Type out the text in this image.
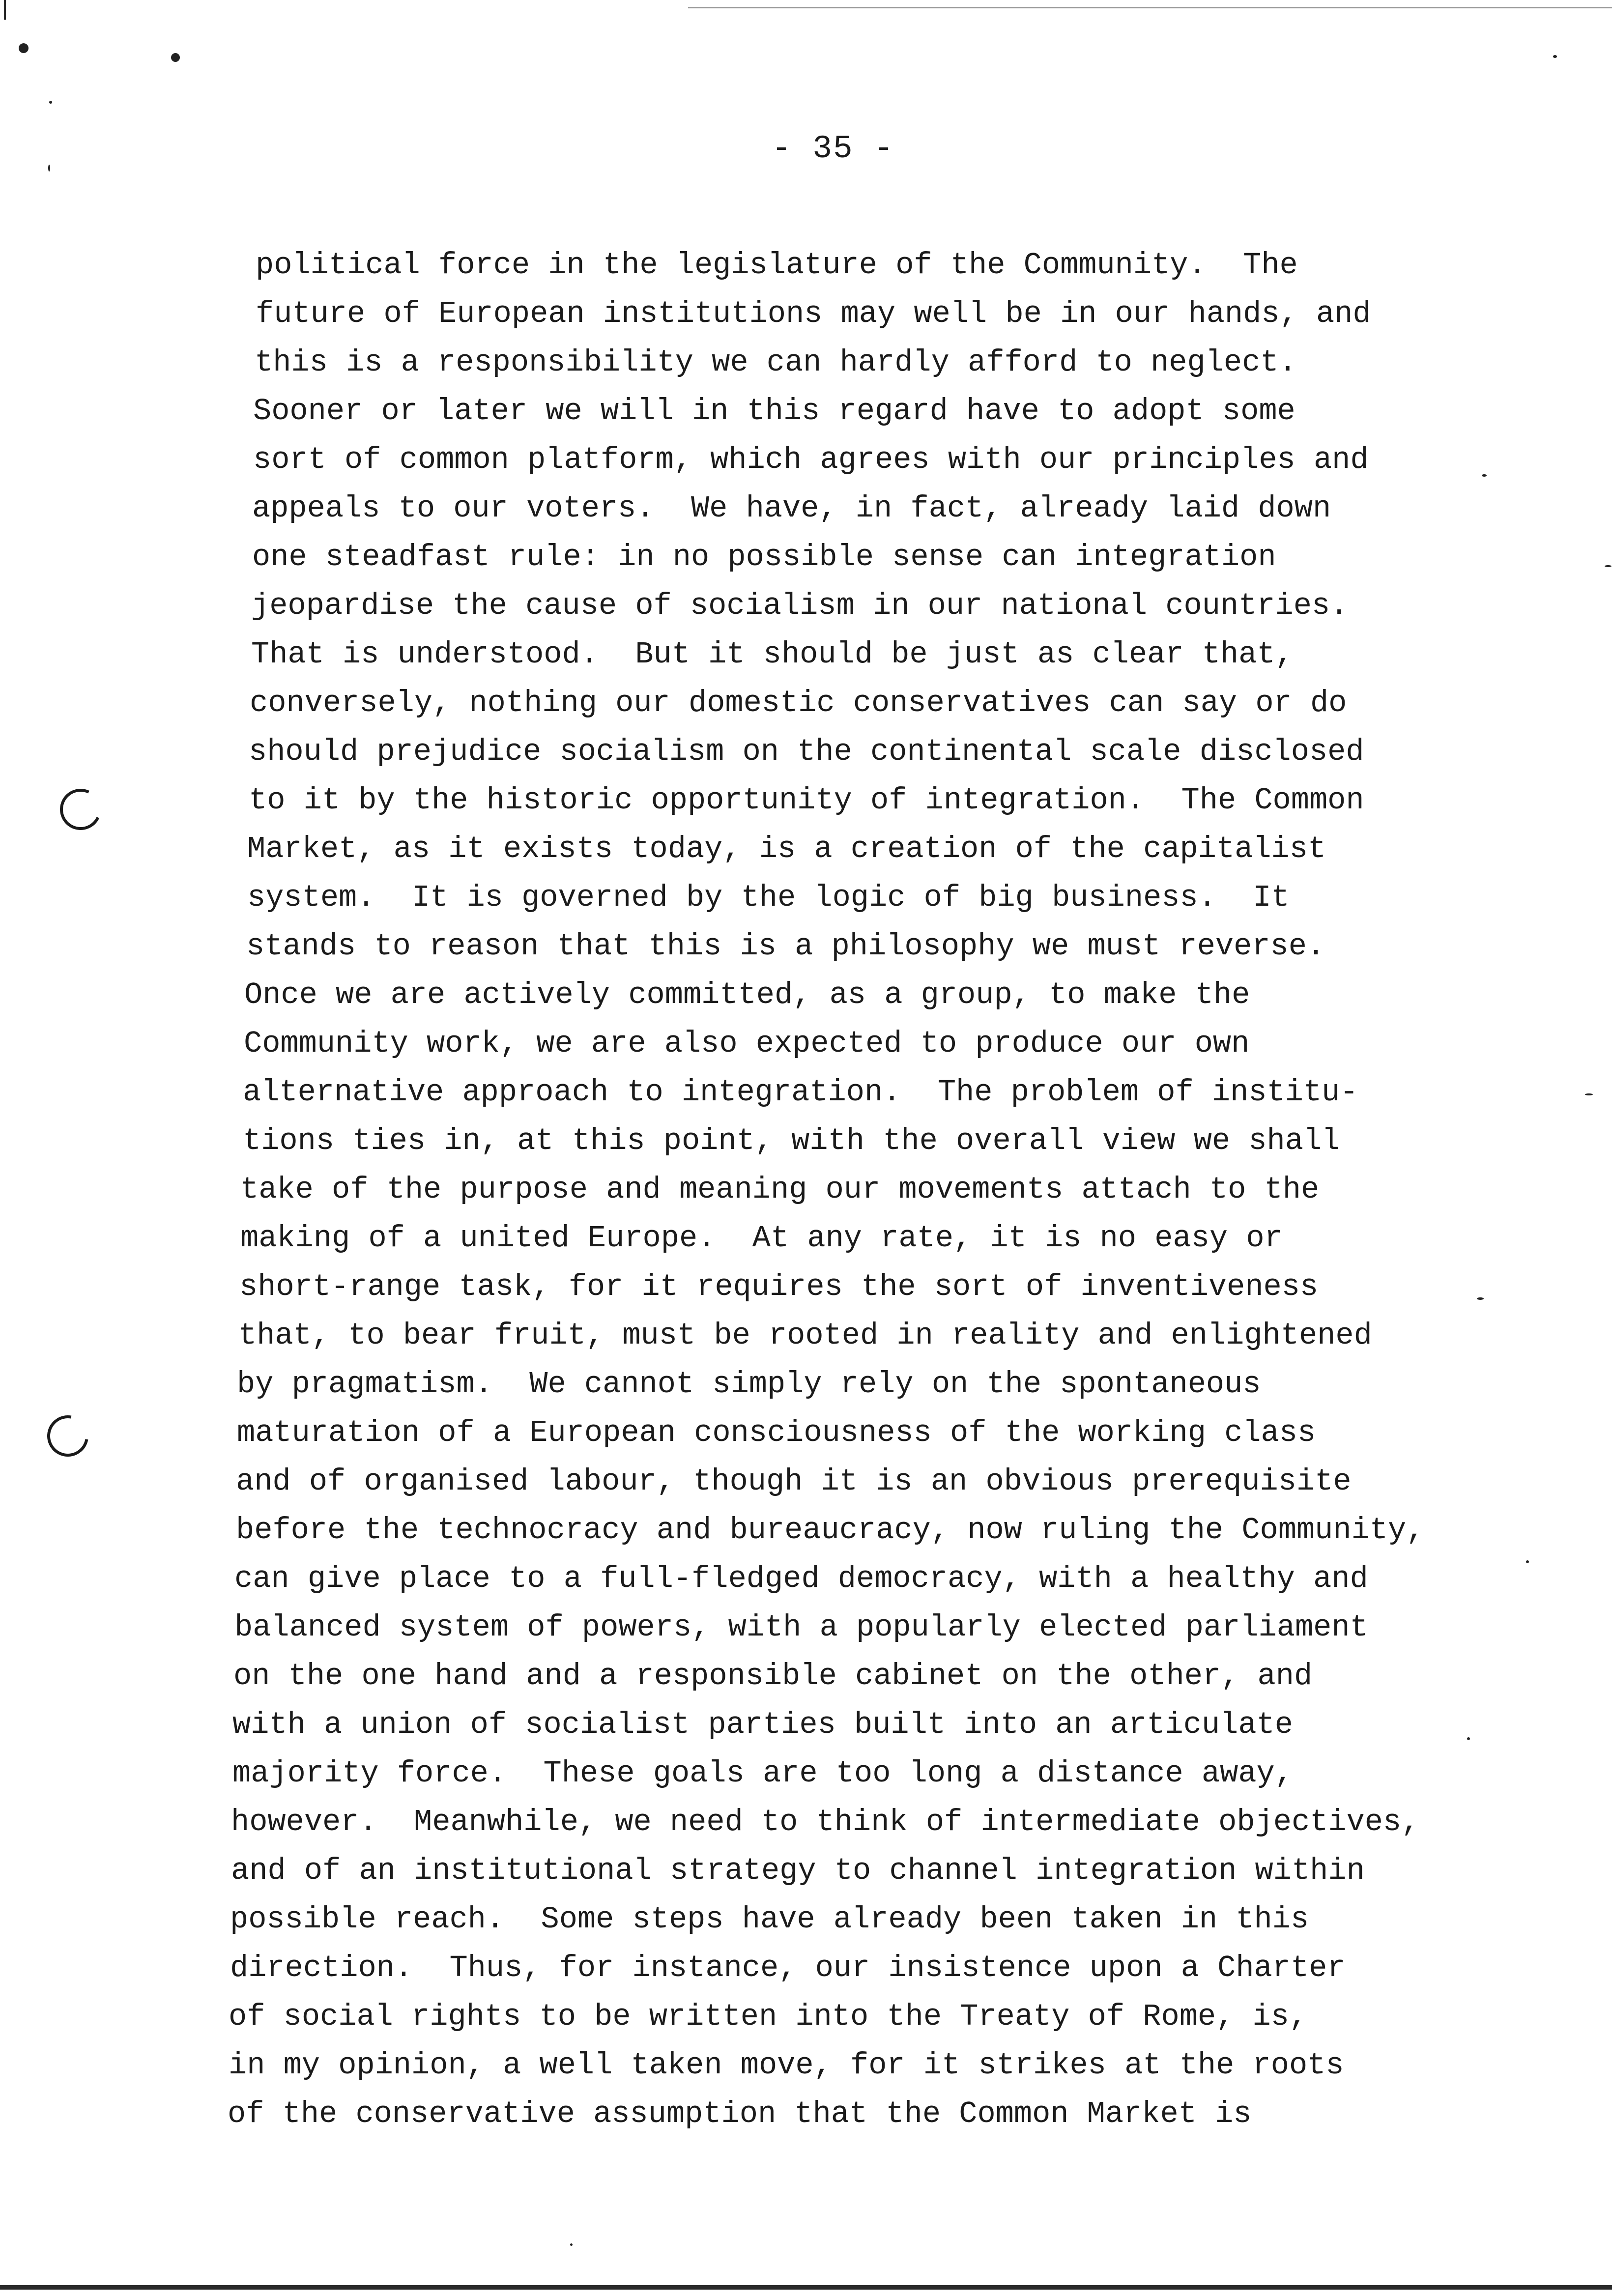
- 35 -
political force in the legislature of the Community.  The
future of European institutions may well be in our hands, and
this is a responsibility we can hardly afford to neglect.
Sooner or later we will in this regard have to adopt some
sort of common platform, which agrees with our principles and
appeals to our voters.  We have, in fact, already laid down
one steadfast rule: in no possible sense can integration
jeopardise the cause of socialism in our national countries.
That is understood.  But it should be just as clear that,
conversely, nothing our domestic conservatives can say or do
should prejudice socialism on the continental scale disclosed
to it by the historic opportunity of integration.  The Common
Market, as it exists today, is a creation of the capitalist
system.  It is governed by the logic of big business.  It
stands to reason that this is a philosophy we must reverse.
Once we are actively committed, as a group, to make the
Community work, we are also expected to produce our own
alternative approach to integration.  The problem of institu-
tions ties in, at this point, with the overall view we shall
take of the purpose and meaning our movements attach to the
making of a united Europe.  At any rate, it is no easy or
short-range task, for it requires the sort of inventiveness
that, to bear fruit, must be rooted in reality and enlightened
by pragmatism.  We cannot simply rely on the spontaneous
maturation of a European consciousness of the working class
and of organised labour, though it is an obvious prerequisite
before the technocracy and bureaucracy, now ruling the Community,
can give place to a full-fledged democracy, with a healthy and
balanced system of powers, with a popularly elected parliament
on the one hand and a responsible cabinet on the other, and
with a union of socialist parties built into an articulate
majority force.  These goals are too long a distance away,
however.  Meanwhile, we need to think of intermediate objectives,
and of an institutional strategy to channel integration within
possible reach.  Some steps have already been taken in this
direction.  Thus, for instance, our insistence upon a Charter
of social rights to be written into the Treaty of Rome, is,
in my opinion, a well taken move, for it strikes at the roots
of the conservative assumption that the Common Market is
